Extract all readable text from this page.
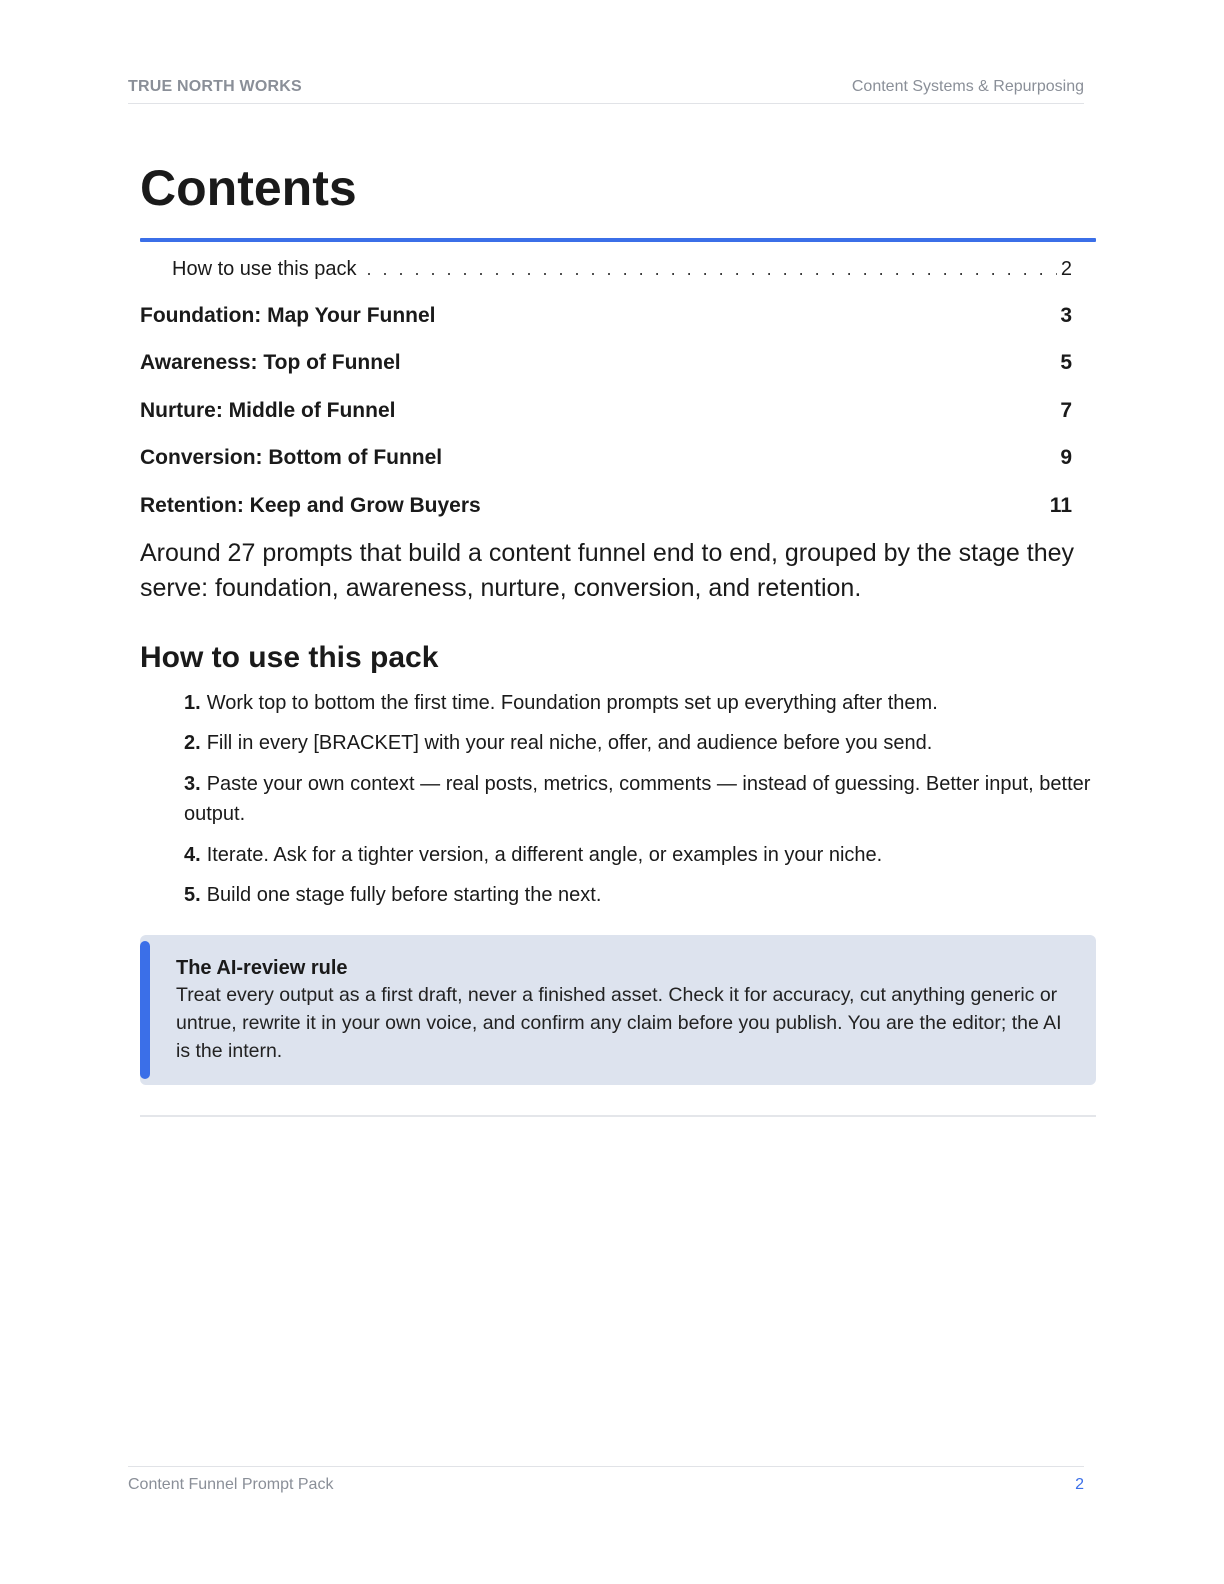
TRUE NORTH WORKS	Content Systems & Repurposing
Contents
How to use this pack . . .	2
Foundation: Map Your Funnel	3
Awareness: Top of Funnel	5
Nurture: Middle of Funnel	7
Conversion: Bottom of Funnel	9
Retention: Keep and Grow Buyers	11

Around 27 prompts that build a content funnel end to end, grouped by the stage they serve: foundation, awareness, nurture, conversion, and retention.

How to use this pack
1. Work top to bottom the first time. Foundation prompts set up everything after them.
2. Fill in every [BRACKET] with your real niche, offer, and audience before you send.
3. Paste your own context — real posts, metrics, comments — instead of guessing. Better input, better output.
4. Iterate. Ask for a tighter version, a different angle, or examples in your niche.
5. Build one stage fully before starting the next.
The AI-review rule
Treat every output as a first draft, never a finished asset. Check it for accuracy, cut anything generic or untrue, rewrite it in your own voice, and confirm any claim before you publish. You are the editor; the AI is the intern.
Content Funnel Prompt Pack	2
